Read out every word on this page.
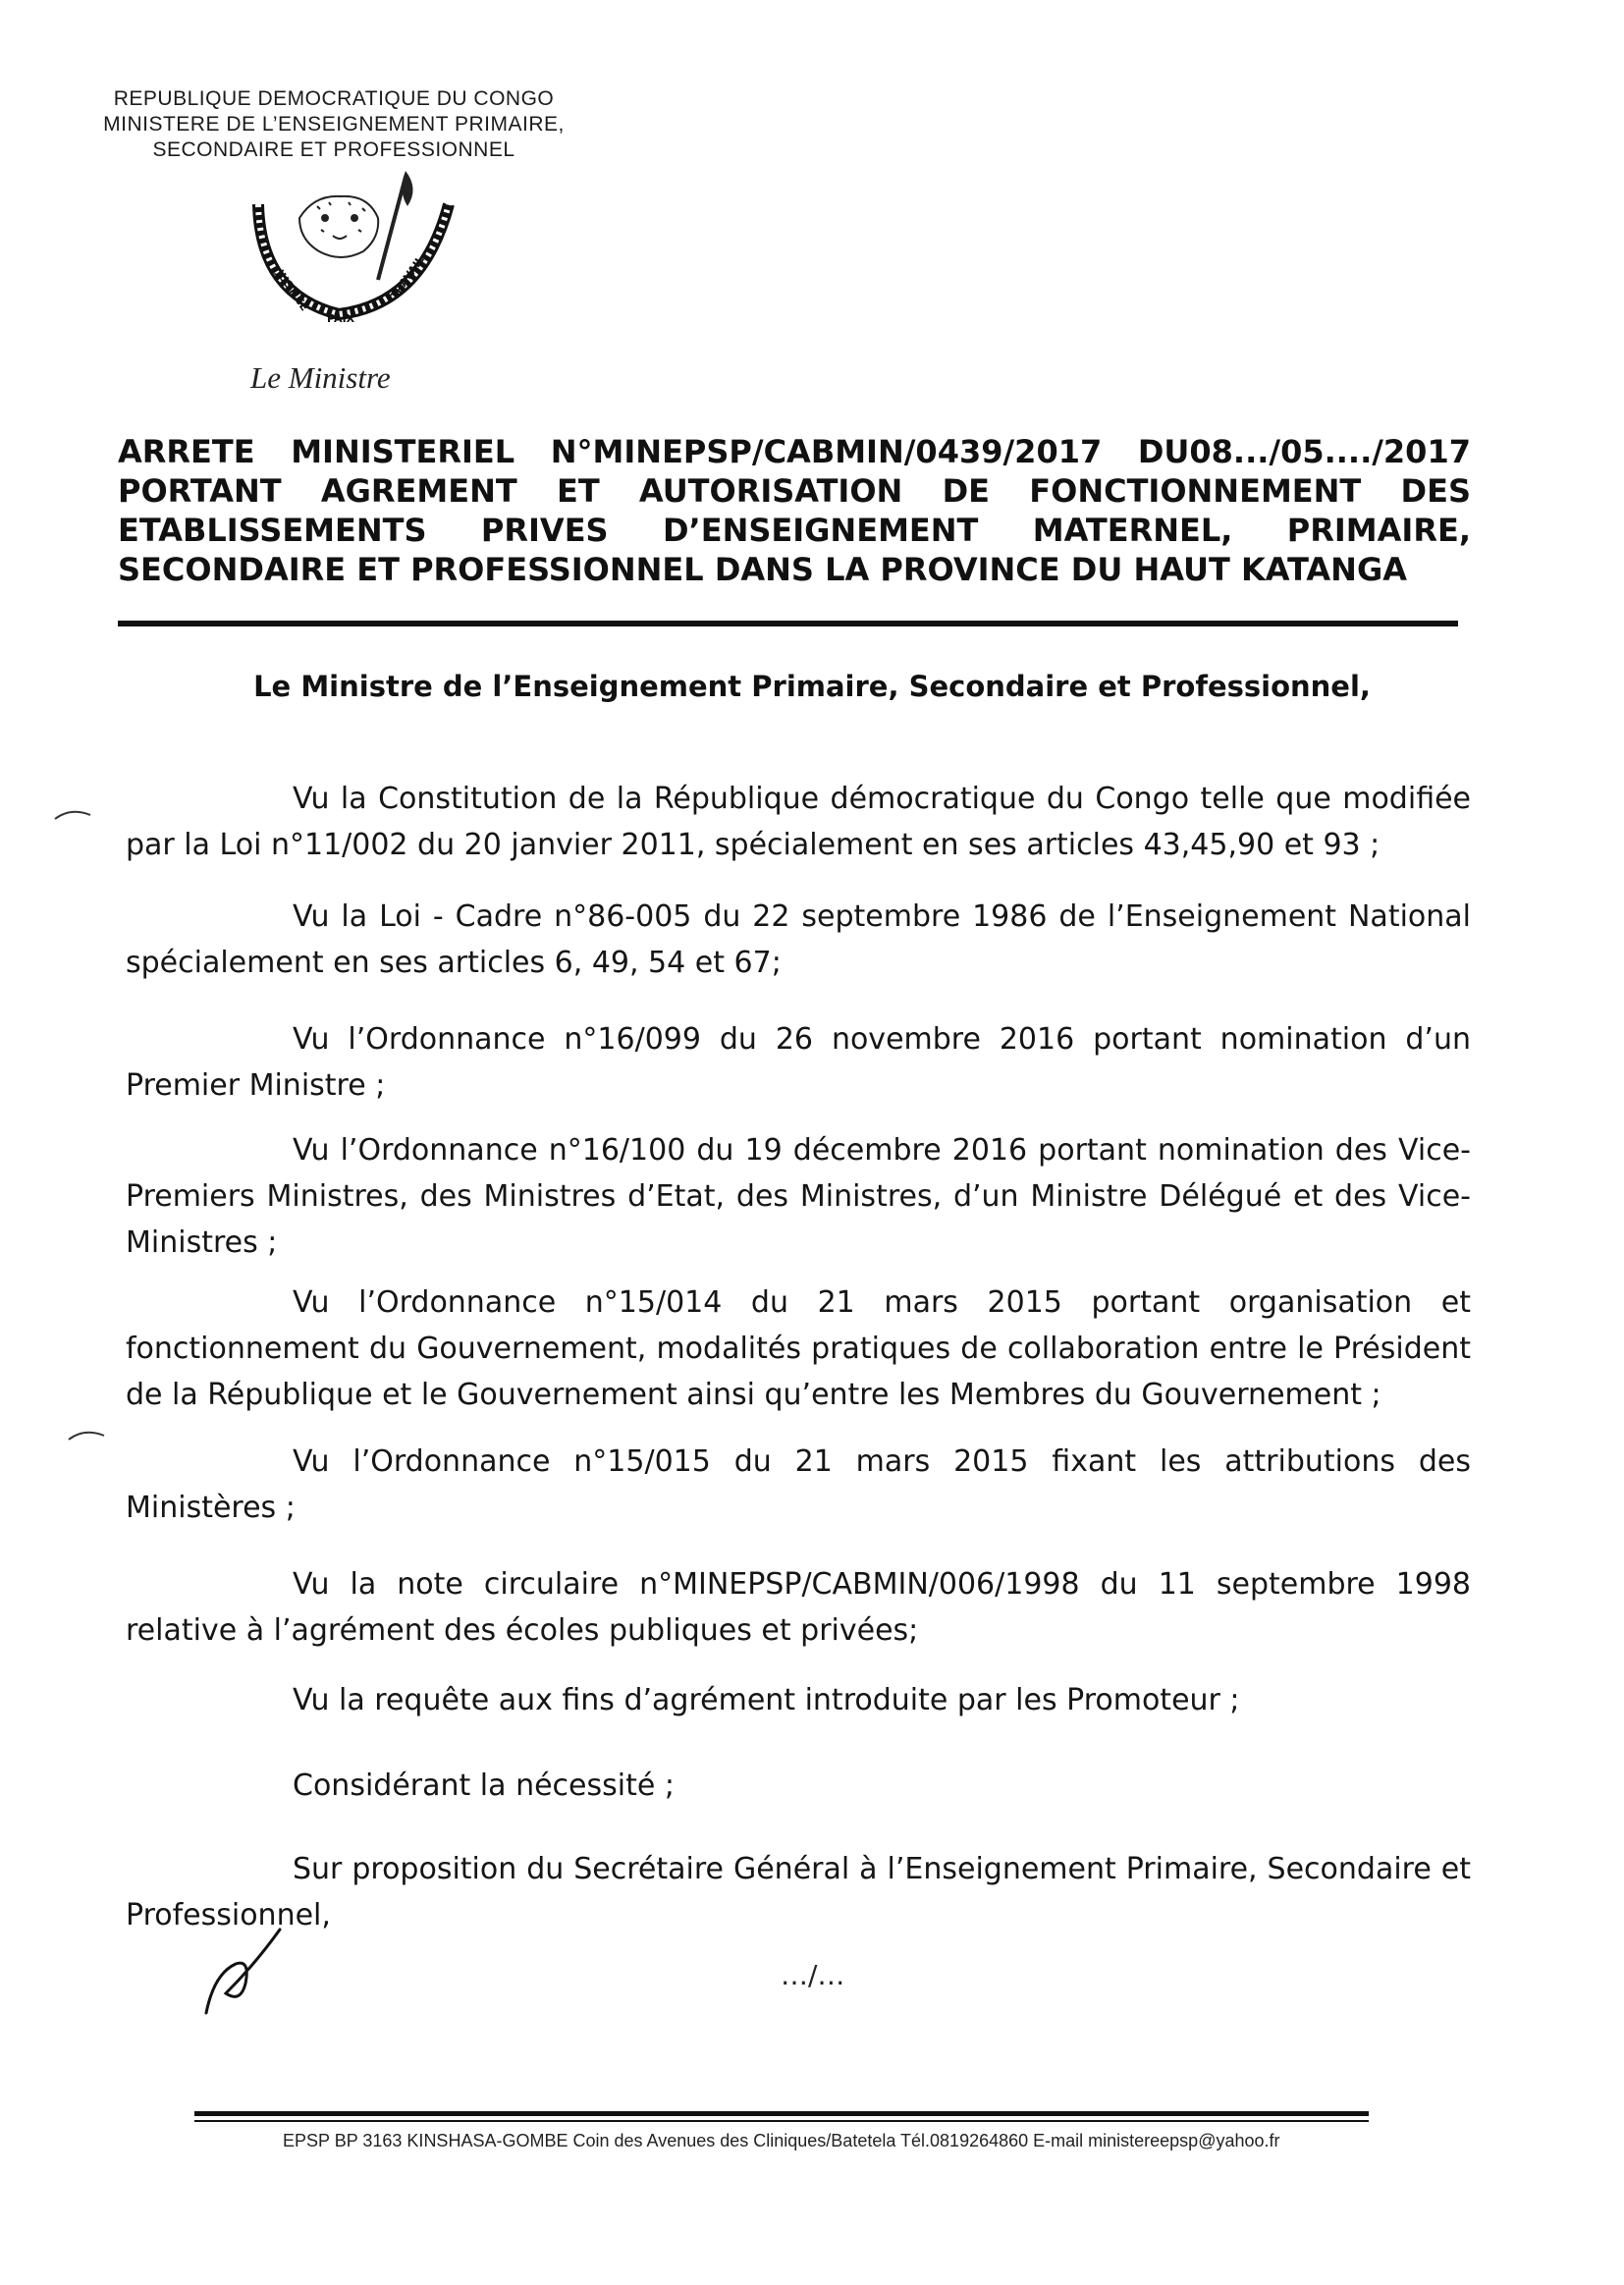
REPUBLIQUE DEMOCRATIQUE DU CONGO
MINISTERE DE L’ENSEIGNEMENT PRIMAIRE,
SECONDAIRE ET PROFESSIONNEL
JUSTICE
PAIX
TRAVAIL
Le Ministre
ARRETE MINISTERIEL N°MINEPSP/CABMIN/0439/2017 DU08.../05..../2017
PORTANT AGREMENT ET AUTORISATION DE FONCTIONNEMENT DES
ETABLISSEMENTS PRIVES D’ENSEIGNEMENT MATERNEL, PRIMAIRE,
SECONDAIRE ET PROFESSIONNEL DANS LA PROVINCE DU HAUT KATANGA
Le Ministre de l’Enseignement Primaire, Secondaire et Professionnel,

Vu la Constitution de la République démocratique du Congo telle que modifiée par la Loi n°11/002 du 20 janvier 2011, spécialement en ses articles 43,45,90 et 93 ;

Vu la Loi - Cadre n°86-005 du 22 septembre 1986 de l’Enseignement National spécialement en ses articles 6, 49, 54 et 67;

Vu l’Ordonnance n°16/099 du 26 novembre 2016 portant nomination d’un Premier Ministre ;

Vu l’Ordonnance n°16/100 du 19 décembre 2016 portant nomination des Vice-Premiers Ministres, des Ministres d’Etat, des Ministres, d’un Ministre Délégué et des Vice-Ministres ;

Vu l’Ordonnance n°15/014 du 21 mars 2015 portant organisation et fonctionnement du Gouvernement, modalités pratiques de collaboration entre le Président de la République et le Gouvernement ainsi qu’entre les Membres du Gouvernement ;

Vu l’Ordonnance n°15/015 du 21 mars 2015 fixant les attributions des Ministères ;

Vu la note circulaire n°MINEPSP/CABMIN/006/1998 du 11 septembre 1998 relative à l’agrément des écoles publiques et privées;

Vu la requête aux fins d’agrément introduite par les Promoteur ;

Considérant la nécessité ;

Sur proposition du Secrétaire Général à l’Enseignement Primaire, Secondaire et Professionnel,

…/…
EPSP BP 3163 KINSHASA-GOMBE Coin des Avenues des Cliniques/Batetela Tél.0819264860 E-mail ministereepsp@yahoo.fr
